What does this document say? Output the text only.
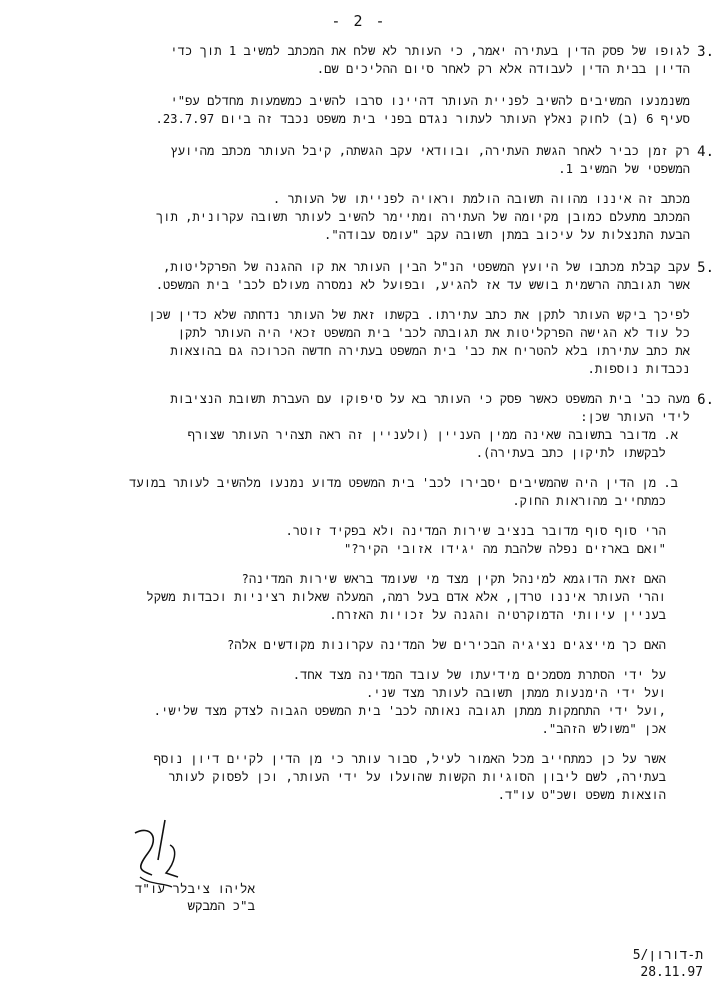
- 2 -
3.
לגופו של פסק הדין בעתירה יאמר, כי העותר לא שלח את המכתב למשיב 1 תוך כדי
הדיון בבית הדין לעבודה אלא רק לאחר סיום ההליכים שם.
משנמנעו המשיבים להשיב לפניית העותר דהיינו סרבו להשיב כמשמעות מחדלם עפ"י
סעיף 6 (ב) לחוק נאלץ העותר לעתור נגדם בפני בית משפט נכבד זה ביום 23.7.97.
4.
רק זמן כביר לאחר הגשת העתירה, ובוודאי עקב הגשתה, קיבל העותר מכתב מהיועץ
המשפטי של המשיב 1.
מכתב זה איננו מהווה תשובה הולמת וראויה לפנייתו של העותר .
המכתב מתעלם כמובן מקיומה של העתירה ומתיימר להשיב לעותר תשובה עקרונית, תוך
הבעת התנצלות על עיכוב במתן תשובה עקב "עומס עבודה".
5.
עקב קבלת מכתבו של היועץ המשפטי הנ"ל הבין העותר את קו ההגנה של הפרקליטות,
אשר תגובתה הרשמית בושש עד אז להגיע, ובפועל לא נמסרה מעולם לכב' בית המשפט.
לפיכך ביקש העותר לתקן את כתב עתירתו. בקשתו זאת של העותר נדחתה שלא כדין שכן
כל עוד לא הגישה הפרקליטות את תגובתה לכב' בית המשפט זכאי היה העותר לתקן
את כתב עתירתו בלא להטריח את כב' בית המשפט בעתירה חדשה הכרוכה גם בהוצאות
נכבדות נוספות.
6.
מעה כב' בית המשפט כאשר פסק כי העותר בא על סיפוקו עם העברת תשובת הנציבות
לידי העותר שכן:
א. מדובר בתשובה שאינה ממין העניין (ולעניין זה ראה תצהיר העותר שצורף
לבקשתו לתיקון כתב בעתירה).
ב. מן הדין היה שהמשיבים יסבירו לכב' בית המשפט מדוע נמנעו מלהשיב לעותר במועד
כמתחייב מהוראות החוק.
הרי סוף סוף מדובר בנציב שירות המדינה ולא בפקיד זוטר.
"ואם בארזים נפלה שלהבת מה יגידו אזובי הקיר?"
האם זאת הדוגמא למינהל תקין מצד מי שעומד בראש שירות המדינה?
והרי העותר איננו טרדן, אלא אדם בעל רמה, המעלה שאלות רציניות וכבדות משקל
בעניין עיוותי הדמוקרטיה והגנה על זכויות האזרח.
האם כך מייצגים נציגיה הבכירים של המדינה עקרונות מקודשים אלה?
על ידי הסתרת מסמכים מידיעתו של עובד המדינה מצד אחד.
ועל ידי הימנעות ממתן תשובה לעותר מצד שני.
,ועל ידי התחמקות ממתן תגובה נאותה לכב' בית המשפט הגבוה לצדק מצד שלישי.
אכן "משולש הזהב".
אשר על כן כמתחייב מכל האמור לעיל, סבור עותר כי מן הדין לקיים דיון נוסף
בעתירה, לשם ליבון הסוגיות הקשות שהועלו על ידי העותר, וכן לפסוק לעותר
הוצאות משפט ושכ"ט עו"ד.
אליהו ציבלר עו"ד
ב"כ המבקש
ת-דורון/5
28.11.97
